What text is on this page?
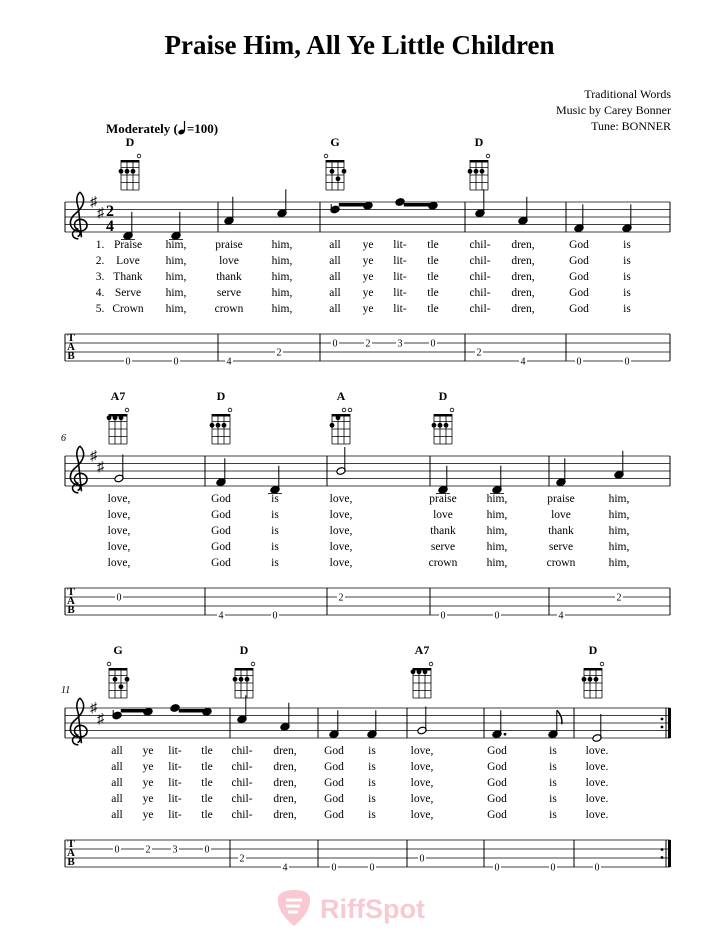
Praise Him, All Ye Little Children
Traditional Words
Music by Carey Bonner
Tune: BONNER
Moderately ( =100)
D	G	D
♯
♯ 2
4
1. Praise him,	praise	him,	all ye lit- tle	chil- dren,	God	is
2. Love him,	love	him,	all ye lit- tle	chil- dren,	God	is
3. Thank him,	thank	him,	all ye lit- tle	chil- dren,	God	is
4. Serve him,	serve	him,	all ye lit- tle	chil- dren,	God	is
5. Crown him, crown him,	all ye lit- tle	chil- dren,	God	is
T
A
B	0	0	4
2
0	2	3	0
2
4	0	0
6
A7	D	A	D
♯
♯
love,	God	is	love,	praise	him,	praise	him,
love,	God	is	love,	love	him,	love	him,
love,	God	is	love,	thank	him,	thank	him,
love,	God	is	love,	serve	him,	serve	him,
love,	God	is	love,	crown	him,	crown	him,
T
A
B
0
4	0
2
0	0	4
2
11
G	D	A7	D
♯
♯
all ye lit- tle chil- dren, God is	love,	God	is	love.
all ye lit- tle chil- dren, God is	love,	God	is	love.
all ye lit- tle chil- dren, God is	love,	God	is	love.
all ye lit- tle chil- dren, God is	love,	God	is	love.
all ye lit- tle chil- dren, God is	love,	God	is	love.
T
A
B
0	2 3	0
2
4	0	0
0
0	0	0
RiffSpot
